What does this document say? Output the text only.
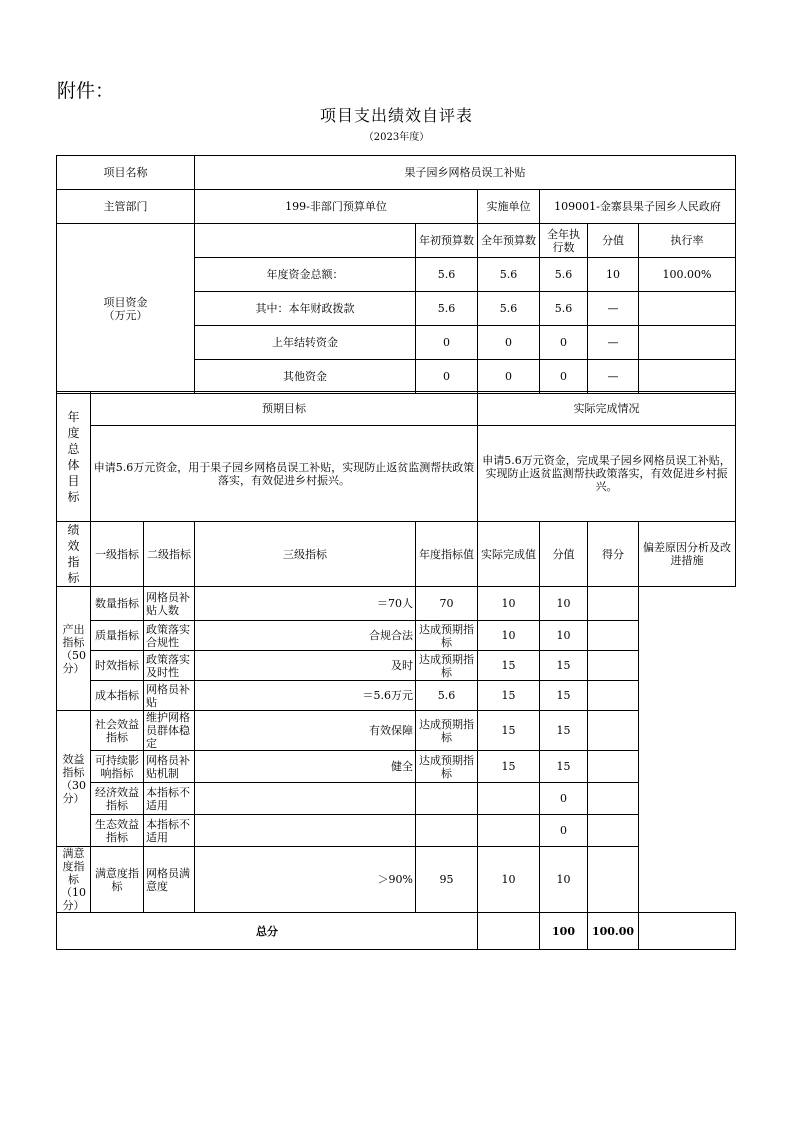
附件：
项目支出绩效自评表
（2023年度）
项目名称	果子园乡网格员误工补贴						
主管部门	199-非部门预算单位		实施单位	109001-金寨县果子园乡人民政府			
项目资金
（万元）		年初预算数	全年预算数	全年执行数	分值	执行率	
	年度资金总额：	5.6	5.6	5.6	10	100.00%	
	其中：本年财政拨款	5.6	5.6	5.6	—		
	上年结转资金	0	0	0	—		
	其他资金	0	0	0	—		
年度总体目标	预期目标				实际完成情况			
	申请5.6万元资金，用于果子园乡网格员误工补贴，实现防止返贫监测帮扶政策落实，有效促进乡村振兴。				申请5.6万元资金，完成果子园乡网格员误工补贴，实现防止返贫监测帮扶政策落实，有效促进乡村振兴。			

绩效指标	一级指标	二级指标	三级指标	年度指标值	实际完成值	分值	得分	偏差原因分析及改进措施
产出指标
（50分）	数量指标	网格员补贴人数	＝70人	70	10	10		
	质量指标	政策落实合规性	合规合法	达成预期指标	10	10		
	时效指标	政策落实及时性	及时	达成预期指标	15	15		
	成本指标	网格员补贴	＝5.6万元	5.6	15	15		
效益指标
（30分）	社会效益指标	维护网格员群体稳定	有效保障	达成预期指标	15	15		
	可持续影响指标	网格员补贴机制	健全	达成预期指标	15	15		
	经济效益指标	本指标不适用				0		
	生态效益指标	本指标不适用				0		
满意度指标（10分）	满意度指标	网格员满意度	＞90%	95	10	10		
总分						100	100.00	
